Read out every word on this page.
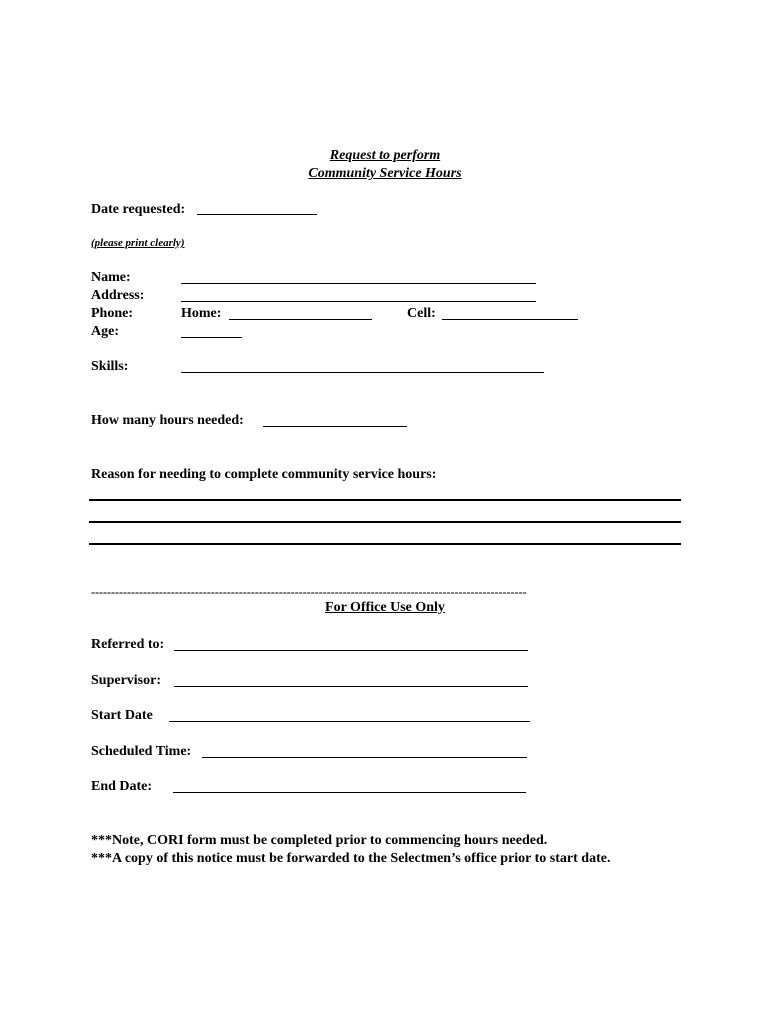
Request to perform
Community Service Hours
Date requested:
(please print clearly)
Name:
Address:
Phone:	Home:	Cell:
Age:
Skills:
How many hours needed:
Reason for needing to complete community service hours:
-------------------------------------------------------------------------------------------------------------
For Office Use Only
Referred to:
Supervisor:
Start Date
Scheduled Time:
End Date:
***Note, CORI form must be completed prior to commencing hours needed.
***A copy of this notice must be forwarded to the Selectmen’s office prior to start date.
